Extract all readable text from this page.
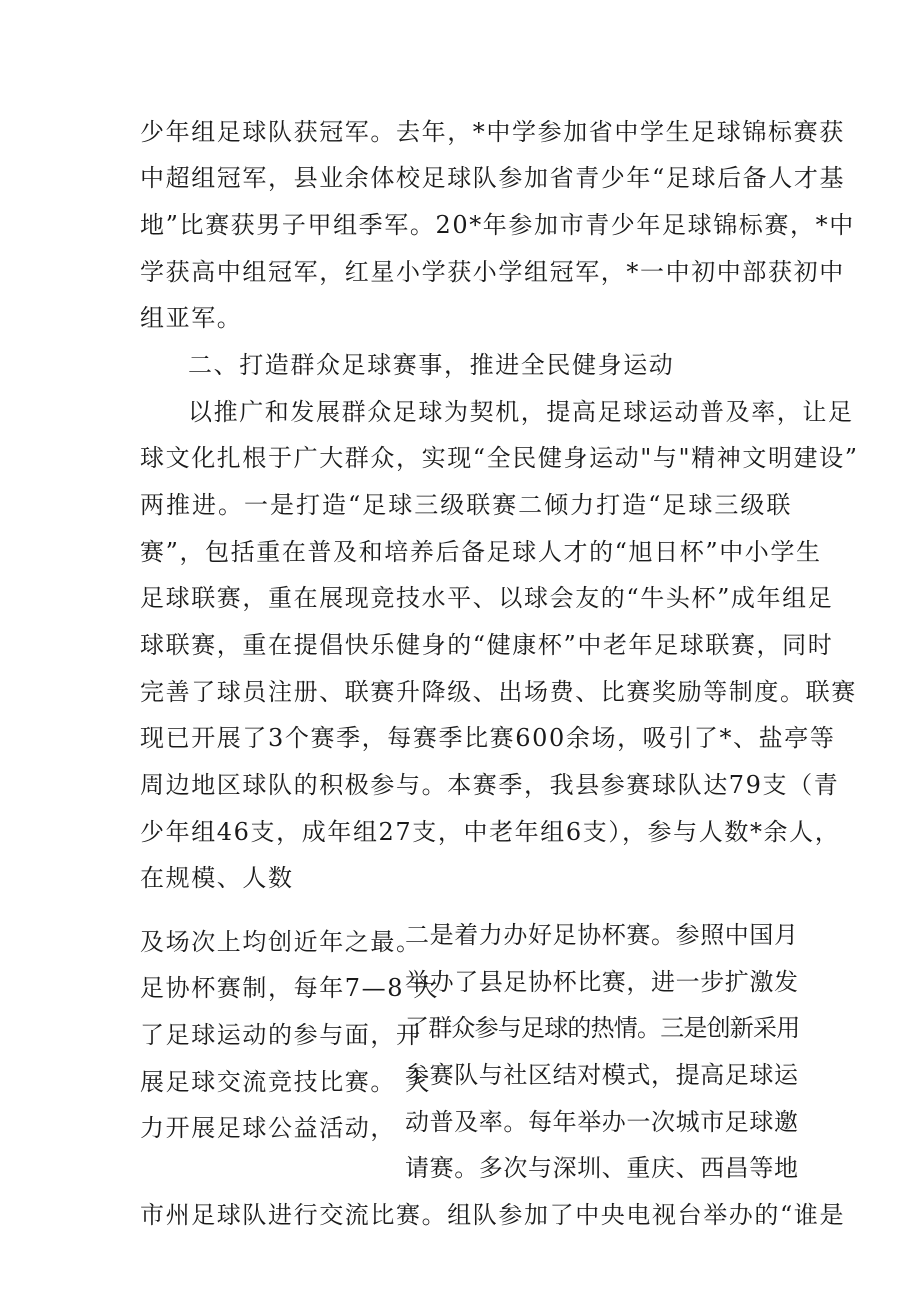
少年组足球队获冠军。去年，*中学参加省中学生足球锦标赛获
中超组冠军，县业余体校足球队参加省青少年“足球后备人才基
地”比赛获男子甲组季军。20*年参加市青少年足球锦标赛，*中
学获高中组冠军，红星小学获小学组冠军，*一中初中部获初中
组亚军。
二、打造群众足球赛事，推进全民健身运动
以推广和发展群众足球为契机，提高足球运动普及率，让足
球文化扎根于广大群众，实现“全民健身运动"与"精神文明建设”
两推进。一是打造“足球三级联赛二倾力打造“足球三级联
赛”，包括重在普及和培养后备足球人才的“旭日杯”中小学生
足球联赛，重在展现竞技水平、以球会友的“牛头杯”成年组足
球联赛，重在提倡快乐健身的“健康杯”中老年足球联赛，同时
完善了球员注册、联赛升降级、出场费、比赛奖励等制度。联赛
现已开展了3个赛季，每赛季比赛600余场，吸引了*、盐亭等
周边地区球队的积极参与。本赛季，我县参赛球队达79支（青
少年组46支，成年组27支，中老年组6支），参与人数*余人，
在规模、人数
及场次上均创近年之最。
足协杯赛制，每年7—8 大
了足球运动的参与面，开
展足球交流竞技比赛。 大
力开展足球公益活动，
二是着力办好足协杯赛。参照中国月
举办了县足协杯比赛，进一步扩激发
了群众参与足球的热情。三是创新采用
参赛队与社区结对模式，提高足球运
动普及率。每年举办一次城市足球邀
请赛。多次与深圳、重庆、西昌等地
市州足球队进行交流比赛。组队参加了中央电视台举办的“谁是
